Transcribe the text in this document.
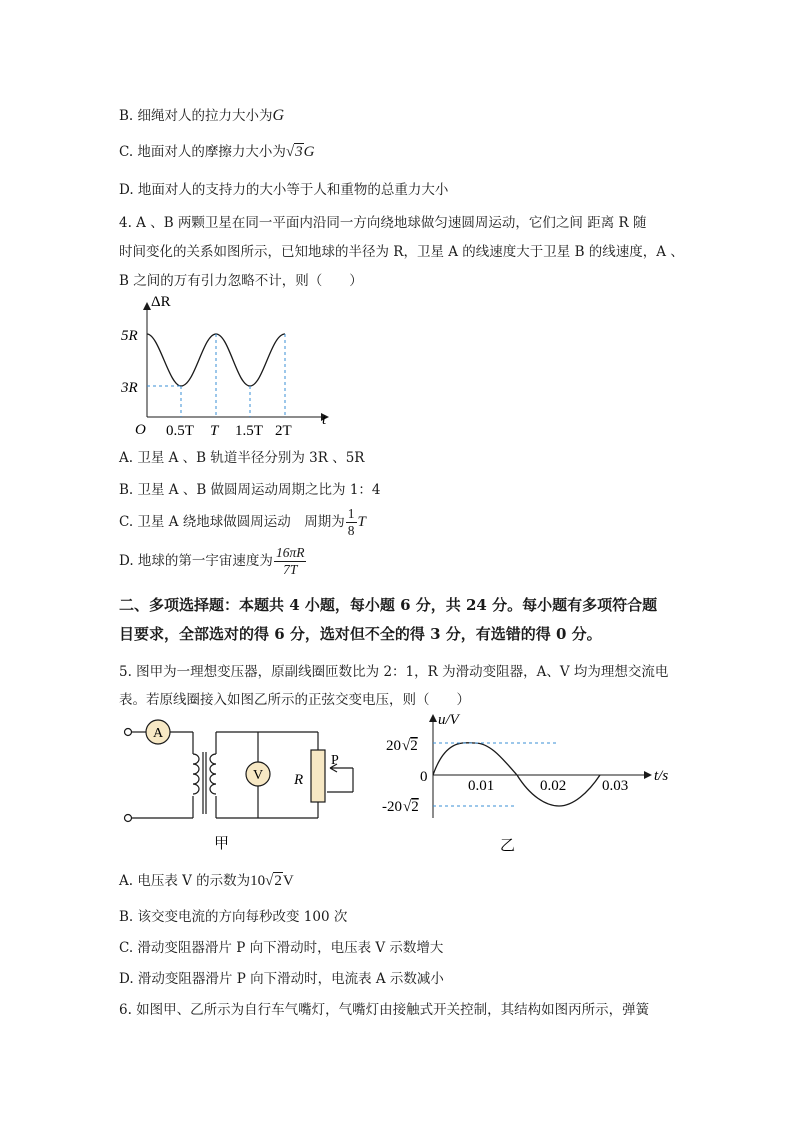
B. 细绳对人的拉力大小为G
C. 地面对人的摩擦力大小为√3G
D. 地面对人的支持力的大小等于人和重物的总重力大小
4. A 、B 两颗卫星在同一平面内沿同一方向绕地球做匀速圆周运动，它们之间 距离 R 随
时间变化的关系如图所示，已知地球的半径为 R，卫星 A 的线速度大于卫星 B 的线速度，A 、
B 之间的万有引力忽略不计，则（　　）
ΔR
5R
3R
O
t
0.5T T 1.5T 2T
A. 卫星 A 、B 轨道半径分别为 3R 、5R
B. 卫星 A 、B 做圆周运动周期之比为 1：4
C. 卫星 A 绕地球做圆周运动　周期为 $\frac{1}{8}$ T
D. 地球的第一宇宙速度为 $\frac{16\pi R}{7T}$
二、多项选择题：本题共 4 小题，每小题 6 分，共 24 分。每小题有多项符合题
目要求，全部选对的得 6 分，选对但不全的得 3 分，有选错的得 0 分。
5. 图甲为一理想变压器，原副线圈匝数比为 2：1，R 为滑动变阻器，A、V 均为理想交流电
表。若原线圈接入如图乙所示的正弦交变电压，则（　　）
A
V R
P
甲
u/V
20√2
0
-20√2
0.01	0.02 0.03
t/s
乙
A. 电压表 V 的示数为10√2V
B. 该交变电流的方向每秒改变 100 次
C. 滑动变阻器滑片 P 向下滑动时，电压表 V 示数增大
D. 滑动变阻器滑片 P 向下滑动时，电流表 A 示数减小
6. 如图甲、乙所示为自行车气嘴灯，气嘴灯由接触式开关控制，其结构如图丙所示，弹簧
